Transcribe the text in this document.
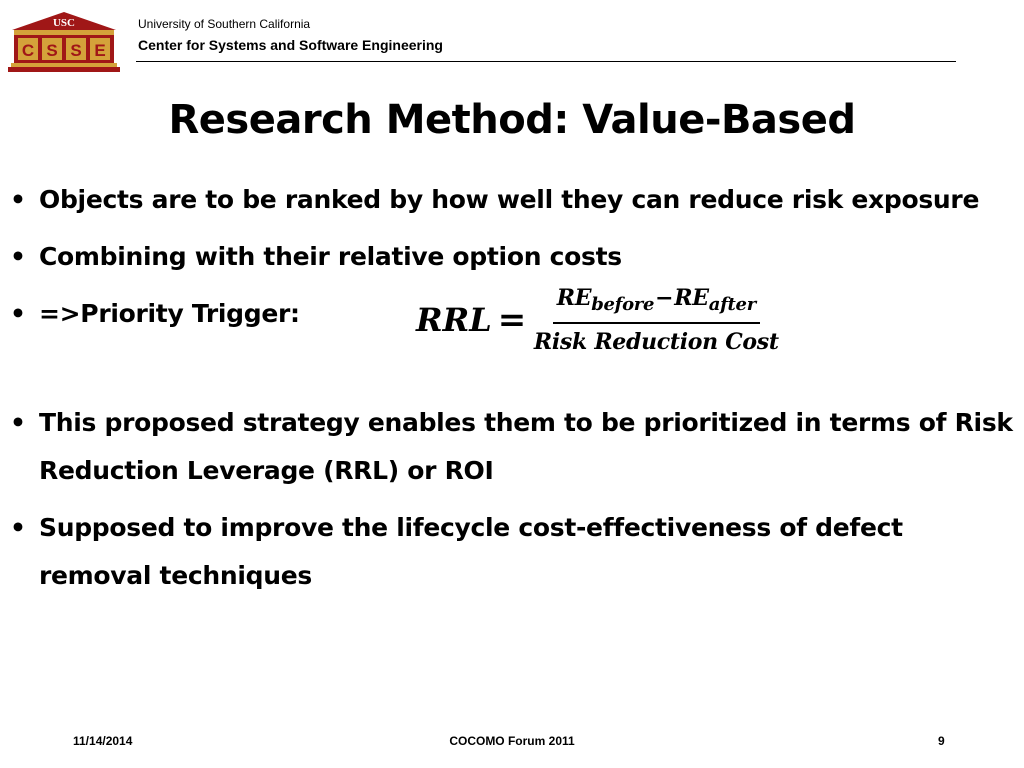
USC
C S S E
University of Southern California
Center for Systems and Software Engineering
Research Method: Value-Based
• Objects are to be ranked by how well they can reduce risk exposure
• Combining with their relative option costs
• =>Priority Trigger:	RRL = $\frac{RE_{before}-RE_{after}}{\text{Risk Reduction Cost}}$
• This proposed strategy enables them to be prioritized in terms of Risk Reduction Leverage (RRL) or ROI
• Supposed to improve the lifecycle cost-effectiveness of defect removal techniques
11/14/2014	COCOMO Forum 2011	9
